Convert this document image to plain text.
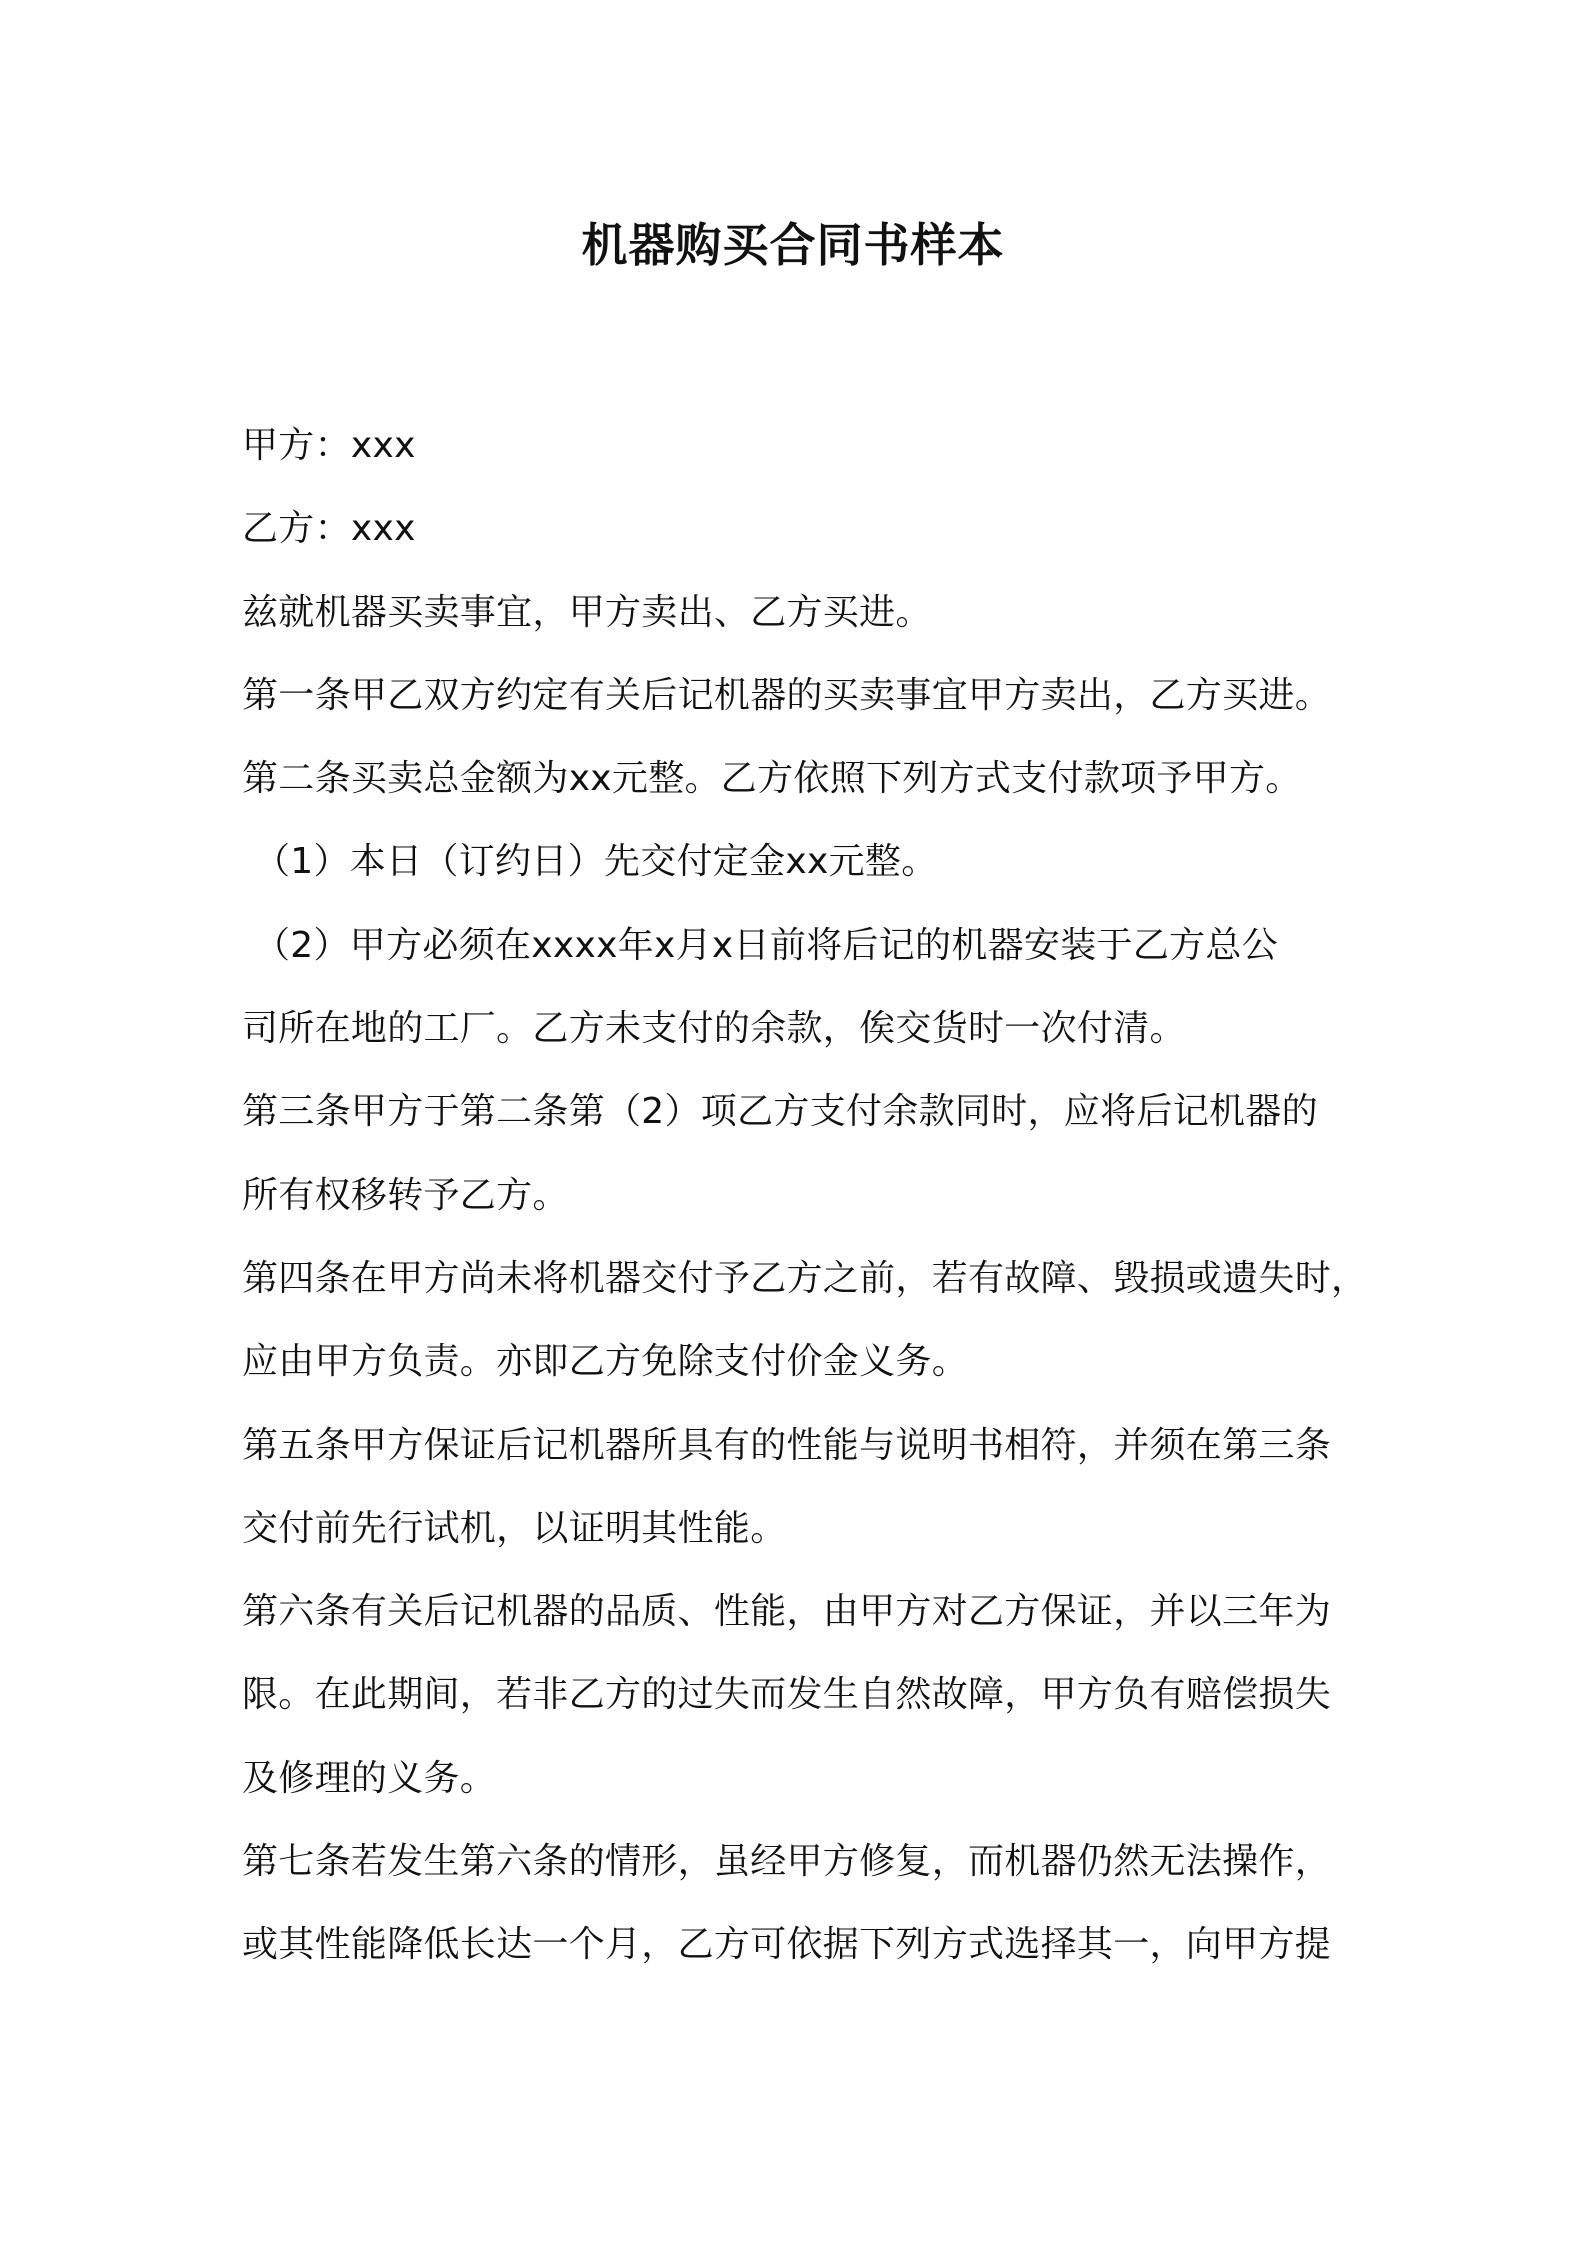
机器购买合同书样本
甲方：xxx
乙方：xxx
兹就机器买卖事宜，甲方卖出、乙方买进。
第一条甲乙双方约定有关后记机器的买卖事宜甲方卖出，乙方买进。
第二条买卖总金额为xx元整。乙方依照下列方式支付款项予甲方。
（1）本日（订约日）先交付定金xx元整。
（2）甲方必须在xxxx年x月x日前将后记的机器安装于乙方总公
司所在地的工厂。乙方未支付的余款，俟交货时一次付清。
第三条甲方于第二条第（2）项乙方支付余款同时，应将后记机器的
所有权移转予乙方。
第四条在甲方尚未将机器交付予乙方之前，若有故障、毁损或遗失时，
应由甲方负责。亦即乙方免除支付价金义务。
第五条甲方保证后记机器所具有的性能与说明书相符，并须在第三条
交付前先行试机，以证明其性能。
第六条有关后记机器的品质、性能，由甲方对乙方保证，并以三年为
限。在此期间，若非乙方的过失而发生自然故障，甲方负有赔偿损失
及修理的义务。
第七条若发生第六条的情形，虽经甲方修复，而机器仍然无法操作，
或其性能降低长达一个月，乙方可依据下列方式选择其一，向甲方提
